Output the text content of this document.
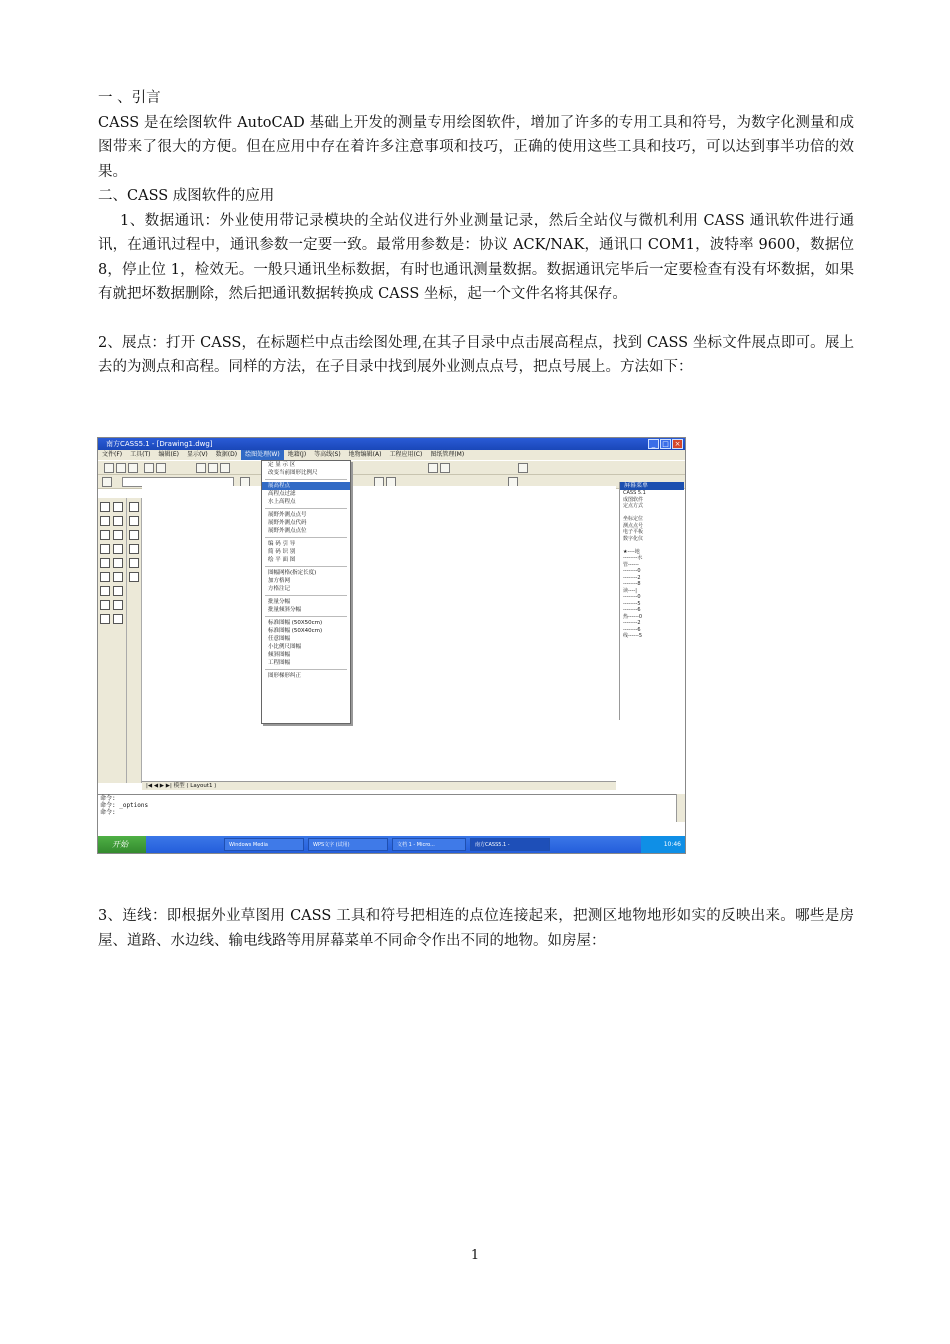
一 、引言

CASS 是在绘图软件 AutoCAD 基础上开发的测量专用绘图软件，增加了许多的专用工具和符号，为数字化测量和成图带来了很大的方便。但在应用中存在着许多注意事项和技巧，正确的使用这些工具和技巧，可以达到事半功倍的效果。

二、CASS 成图软件的应用

1、数据通讯：外业使用带记录模块的全站仪进行外业测量记录，然后全站仪与微机利用 CASS 通讯软件进行通讯，在通讯过程中，通讯参数一定要一致。最常用参数是：协议 ACK/NAK，通讯口 COM1，波特率 9600，数据位 8，停止位 1，检效无。一般只通讯坐标数据，有时也通讯测量数据。数据通讯完毕后一定要检查有没有坏数据，如果有就把坏数据删除，然后把通讯数据转换成 CASS 坐标，起一个文件名将其保存。

2、展点：打开 CASS，在标题栏中点击绘图处理,在其子目录中点击展高程点，找到 CASS 坐标文件展点即可。展上去的为测点和高程。同样的方法，在子目录中找到展外业测点点号，把点号展上。方法如下：

南方CASS5.1 - [Drawing1.dwg]	_ □ ×
文件(F)	工具(T)	编辑(E)	显示(V)	数据(D)	绘图处理(W)	地籍(J)	等高线(S)	地物编辑(A)	工程应用(C)	图纸管理(M)
屏幕菜单
CASS 5.1
成图软件
定点方式
坐标定位
测点点号
电子平板
数字化仪
★----地
--------水
管------
--------0
--------2
--------8
读----|
--------0
--------5
--------6
热------0
--------2
--------6
线------5
定 显 示 区
改变当前图形比例尺
展高程点
高程点过滤
水上高程点
展野外测点点号
展野外测点代码
展野外测点点位
编 码 引 导
简 码 识 别
绘 平 面 图
图幅网格(指定长度)
加方格网
方格注记
批量分幅
批量倾斜分幅
标准图幅 (50X50cm)
标准图幅 (50X40cm)
任意图幅
小比例尺图幅
倾斜图幅
工程图幅
图形梯形纠正
|◀ ◀ ▶ ▶| 模型 ⟨ Layout1 ⟩
命令:
命令: _options
命令:
开始	Windows Media	WPS文字 (试用)	文档 1 - Micro...	南方CASS5.1 -	10:46

3、连线：即根据外业草图用 CASS 工具和符号把相连的点位连接起来，把测区地物地形如实的反映出来。哪些是房屋、道路、水边线、输电线路等用屏幕菜单不同命令作出不同的地物。如房屋：

1
